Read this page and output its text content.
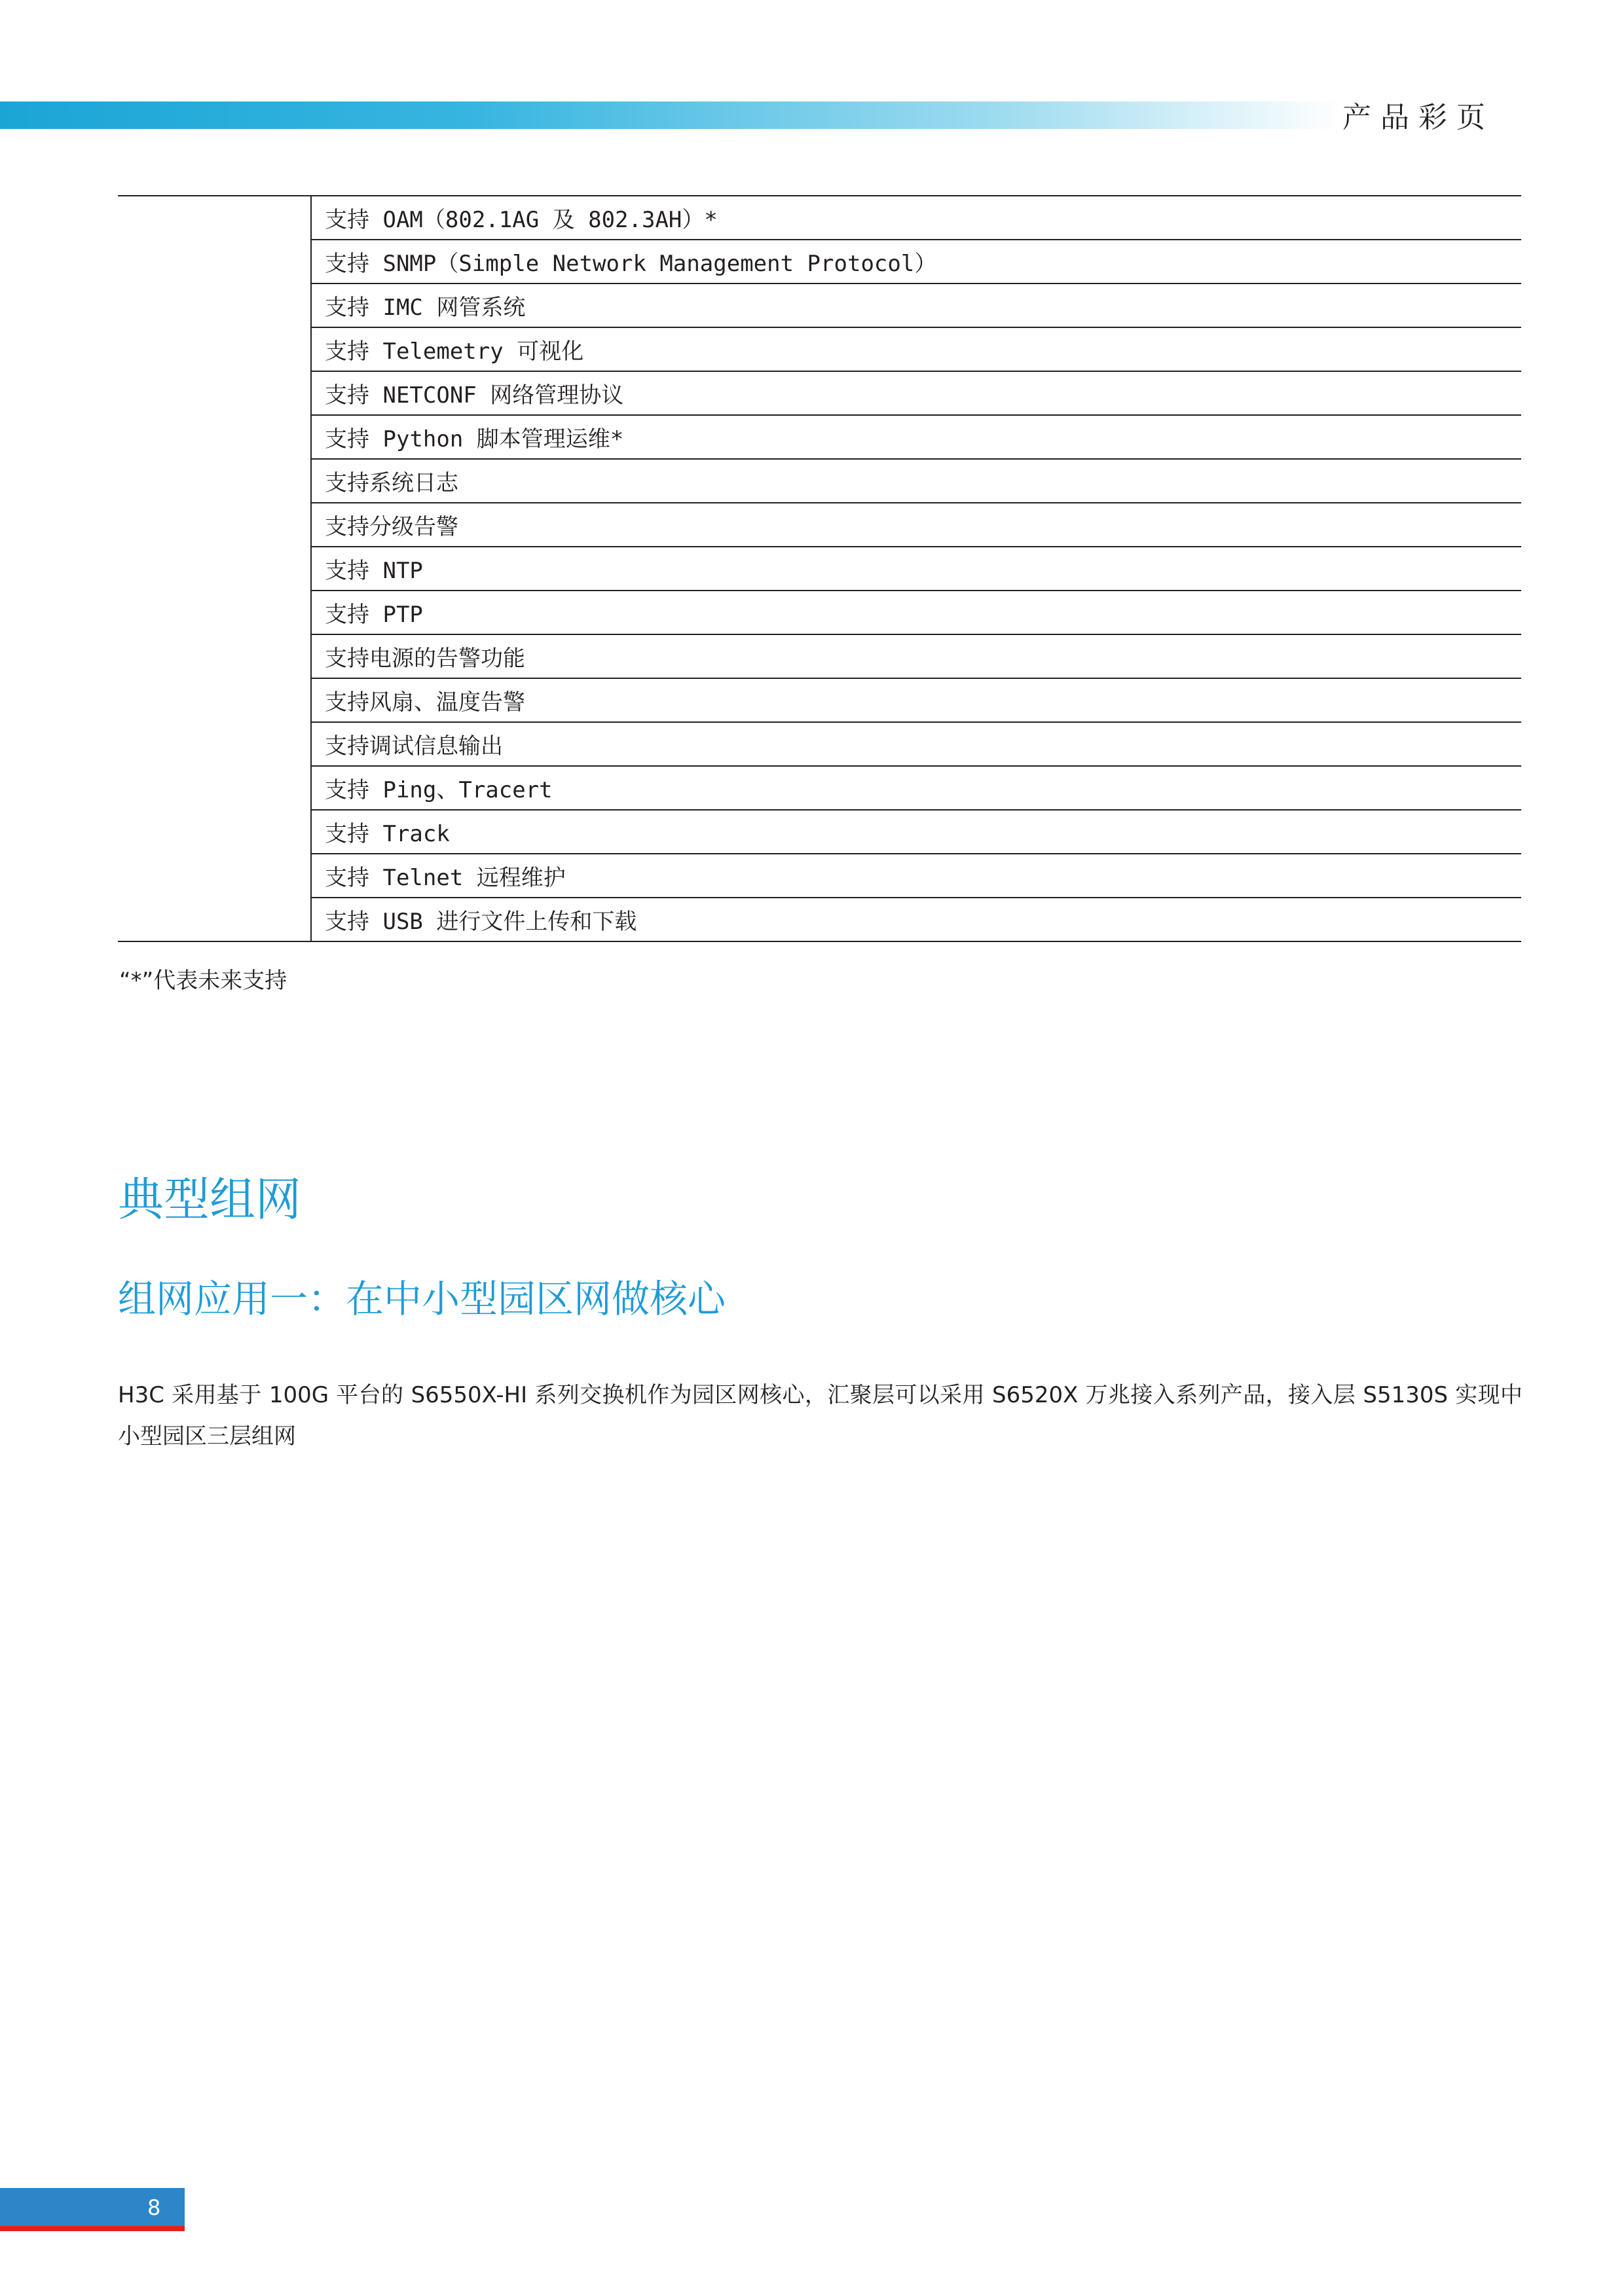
产品彩页
	支持 OAM（802.1AG 及 802.3AH）*
支持 SNMP（Simple Network Management Protocol）
支持 IMC 网管系统
支持 Telemetry 可视化
支持 NETCONF 网络管理协议
支持 Python 脚本管理运维*
支持系统日志
支持分级告警
支持 NTP
支持 PTP
支持电源的告警功能
支持风扇、温度告警
支持调试信息输出
支持 Ping、Tracert
支持 Track
支持 Telnet 远程维护
支持 USB 进行文件上传和下载
“*”代表未来支持
典型组网
组网应用一：在中小型园区网做核心
H3C 采用基于 100G 平台的 S6550X-HI 系列交换机作为园区网核心，汇聚层可以采用 S6520X 万兆接入系列产品，接入层 S5130S 实现中小型园区三层组网
8
